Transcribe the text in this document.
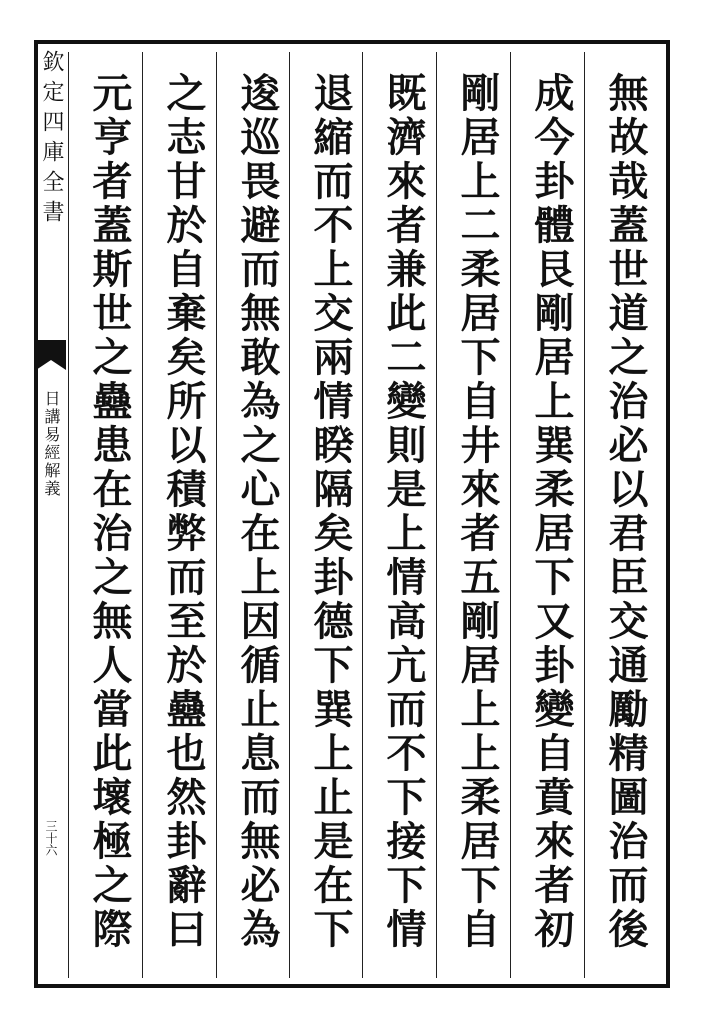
欽定四庫全書
日講易經解義
三十六	無故哉蓋世道之治必以君臣交通勵精圖治而後
成今卦體艮剛居上巽柔居下又卦變自賁來者初
剛居上二柔居下自井來者五剛居上上柔居下自
既濟來者兼此二變則是上情高亢而不下接下情
退縮而不上交兩情睽隔矣卦德下巽上止是在下
逡巡畏避而無敢為之心在上因循止息而無必為
之志甘於自棄矣所以積弊而至於蠱也然卦辭曰
元亨者蓋斯世之蠱患在治之無人當此壞極之際
